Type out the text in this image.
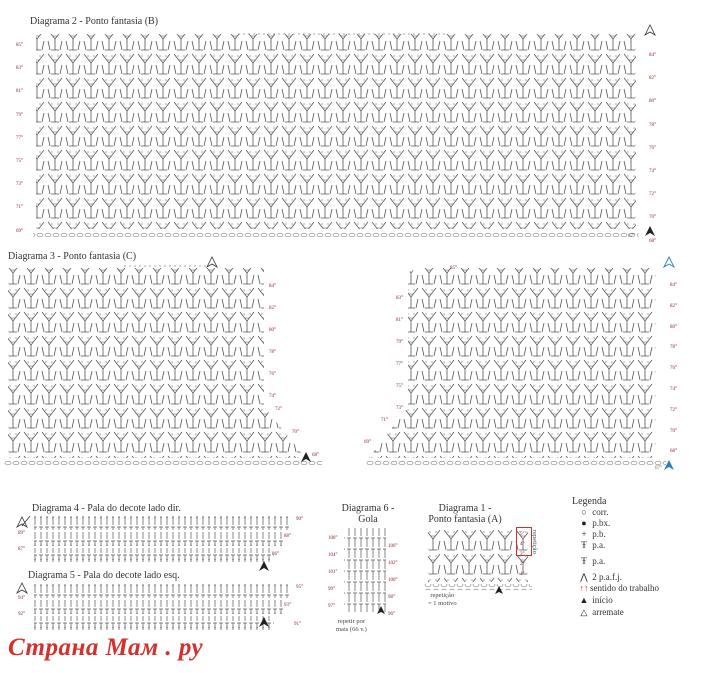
Diagrama 2 - Ponto fantasia (B)
85°
83°
81°
79°
77°
75°
73°
71°
69°
84°
82°
80°
78°
76°
74°
72°
70°
68°
67°
Diagrama 3 - Ponto fantasia (C)
84°
82°
80°
78°
76°
74°
72°
70°
68°
85°
83°
81°
79°
77°
75°
73°
71°
69°
84°
82°
80°
78°
76°
74°
72°
70°
68°
67°
Diagrama 4 - Pala do decote lado dir.
90°
88°
86°
89°
87°
Diagrama 5 - Pala do decote lado esq.
95°
93°
91°
94°
92°
Diagrama 6 -
Gola
108°
104°
101°
99°
97°
106°
102°
100°
98°
96°
repetir por
mais (66 v.)
Diagrama 1 -
Ponto fantasia (A)
5°
4°
3°
2°
1°
repetição
repetição
= 1 motivo
Legenda
○ corr.
● p.bx.
+ p.b.
Ŧ p.a.
Ŧ p.a.
⋀ 2 p.a.f.j.
↑↑ sentido do trabalho
▲ início
△ arremate
Страна Мам . ру
